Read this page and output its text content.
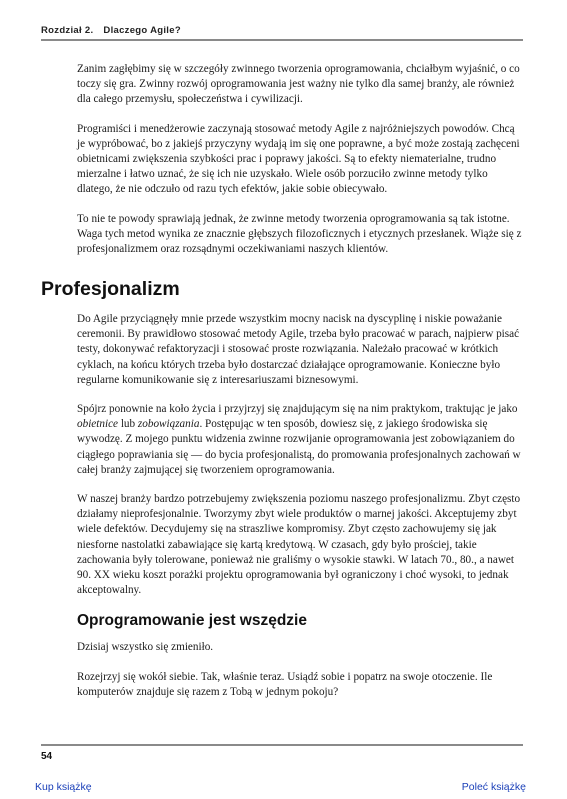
Rozdział 2. Dlaczego Agile?

Zanim zagłębimy się w szczegóły zwinnego tworzenia oprogramowania, chciałbym wyjaśnić, o co toczy się gra. Zwinny rozwój oprogramowania jest ważny nie tylko dla samej branży, ale również dla całego przemysłu, społeczeństwa i cywilizacji.

Programiści i menedżerowie zaczynają stosować metody Agile z najróżniejszych powodów. Chcą je wypróbować, bo z jakiejś przyczyny wydają im się one poprawne, a być może zostają zachęceni obietnicami zwiększenia szybkości prac i poprawy jakości. Są to efekty niematerialne, trudno mierzalne i łatwo uznać, że się ich nie uzyskało. Wiele osób porzuciło zwinne metody tylko dlatego, że nie odczuło od razu tych efektów, jakie sobie obiecywało.

To nie te powody sprawiają jednak, że zwinne metody tworzenia oprogramowania są tak istotne. Waga tych metod wynika ze znacznie głębszych filozoficznych i etycznych przesłanek. Wiąże się z profesjonalizmem oraz rozsądnymi oczekiwaniami naszych klientów.

Profesjonalizm

Do Agile przyciągnęły mnie przede wszystkim mocny nacisk na dyscyplinę i niskie poważanie ceremonii. By prawidłowo stosować metody Agile, trzeba było pracować w parach, najpierw pisać testy, dokonywać refaktoryzacji i stosować proste rozwiązania. Należało pracować w krótkich cyklach, na końcu których trzeba było dostarczać działające oprogramowanie. Konieczne było regularne komunikowanie się z interesariuszami biznesowymi.

Spójrz ponownie na koło życia i przyjrzyj się znajdującym się na nim praktykom, traktując je jako obietnice lub zobowiązania. Postępując w ten sposób, dowiesz się, z jakiego środowiska się wywodzę. Z mojego punktu widzenia zwinne rozwijanie oprogramowania jest zobowiązaniem do ciągłego poprawiania się — do bycia profesjonalistą, do promowania profesjonalnych zachowań w całej branży zajmującej się tworzeniem oprogramowania.

W naszej branży bardzo potrzebujemy zwiększenia poziomu naszego profesjonalizmu. Zbyt często działamy nieprofesjonalnie. Tworzymy zbyt wiele produktów o marnej jakości. Akceptujemy zbyt wiele defektów. Decydujemy się na straszliwe kompromisy. Zbyt często zachowujemy się jak niesforne nastolatki zabawiające się kartą kredytową. W czasach, gdy było prościej, takie zachowania były tolerowane, ponieważ nie graliśmy o wysokie stawki. W latach 70., 80., a nawet 90. XX wieku koszt porażki projektu oprogramowania był ograniczony i choć wysoki, to jednak akceptowalny.

Oprogramowanie jest wszędzie

Dzisiaj wszystko się zmieniło.

Rozejrzyj się wokół siebie. Tak, właśnie teraz. Usiądź sobie i popatrz na swoje otoczenie. Ile komputerów znajduje się razem z Tobą w jednym pokoju?

54
Kup książkę	Poleć książkę
